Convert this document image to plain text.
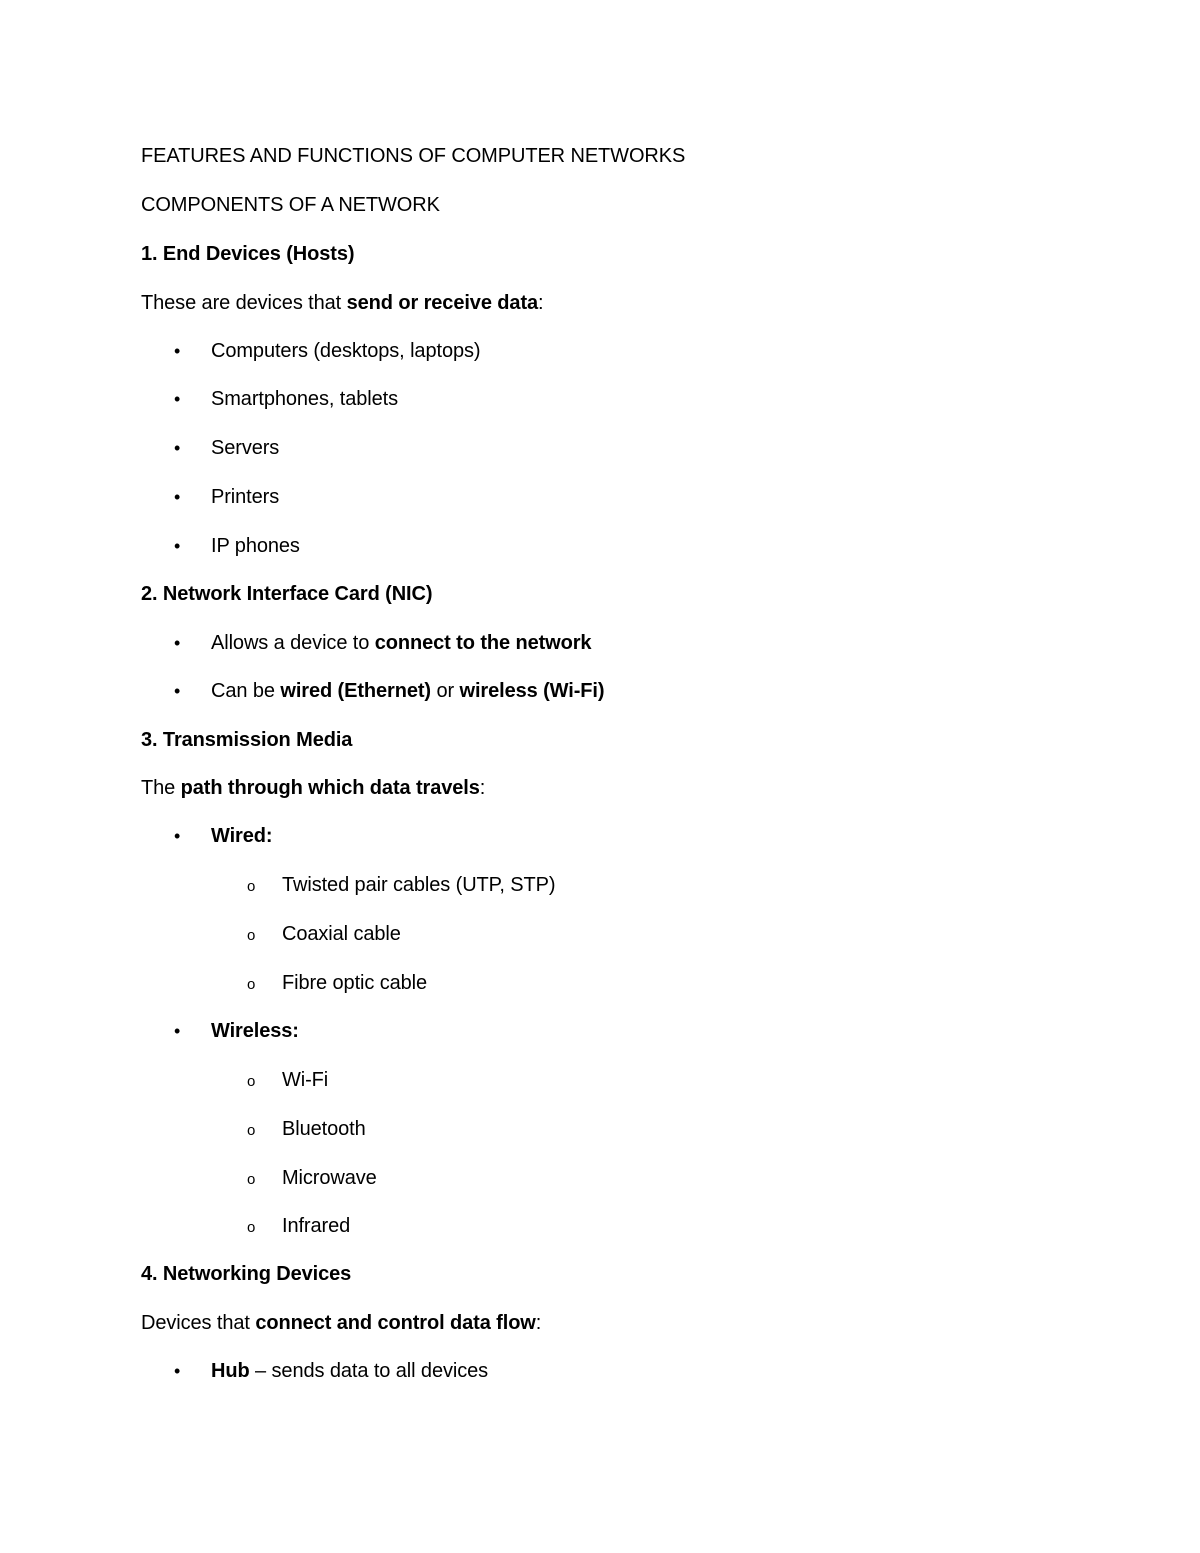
FEATURES AND FUNCTIONS OF COMPUTER NETWORKS
COMPONENTS OF A NETWORK
1. End Devices (Hosts)
These are devices that send or receive data:
• Computers (desktops, laptops)
• Smartphones, tablets
• Servers
• Printers
• IP phones
2. Network Interface Card (NIC)
• Allows a device to connect to the network
• Can be wired (Ethernet) or wireless (Wi-Fi)
3. Transmission Media
The path through which data travels:
• Wired:
o Twisted pair cables (UTP, STP)
o Coaxial cable
o Fibre optic cable
• Wireless:
o Wi-Fi
o Bluetooth
o Microwave
o Infrared
4. Networking Devices
Devices that connect and control data flow:
• Hub – sends data to all devices
